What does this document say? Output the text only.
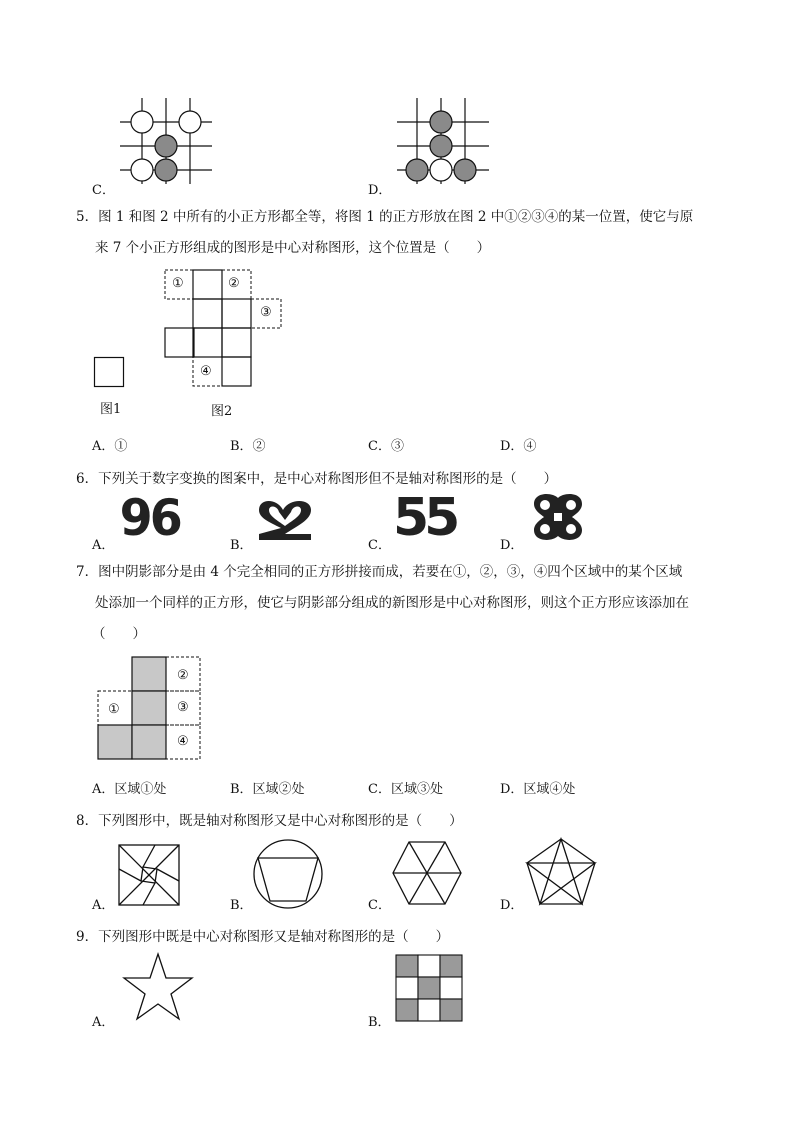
C．	D．
5．图 1 和图 2 中所有的小正方形都全等，将图 1 的正方形放在图 2 中①②③④的某一位置，使它与原
来 7 个小正方形组成的图形是中心对称图形，这个位置是（　　）
图1
①	②
③
④
图2
A．①	B．②	C．③	D．④
6．下列关于数字变换的图案中，是中心对称图形但不是轴对称图形的是（　　）
96	55
A．	B．	C．	D．
7．图中阴影部分是由 4 个完全相同的正方形拼接而成，若要在①，②，③，④四个区域中的某个区域
处添加一个同样的正方形，使它与阴影部分组成的新图形是中心对称图形，则这个正方形应该添加在
（　　）
①
②
③
④
A．区域①处	B．区域②处	C．区域③处	D．区域④处
8．下列图形中，既是轴对称图形又是中心对称图形的是（　　）
A．	B．	C．	D．
9．下列图形中既是中心对称图形又是轴对称图形的是（　　）
A．	B．
